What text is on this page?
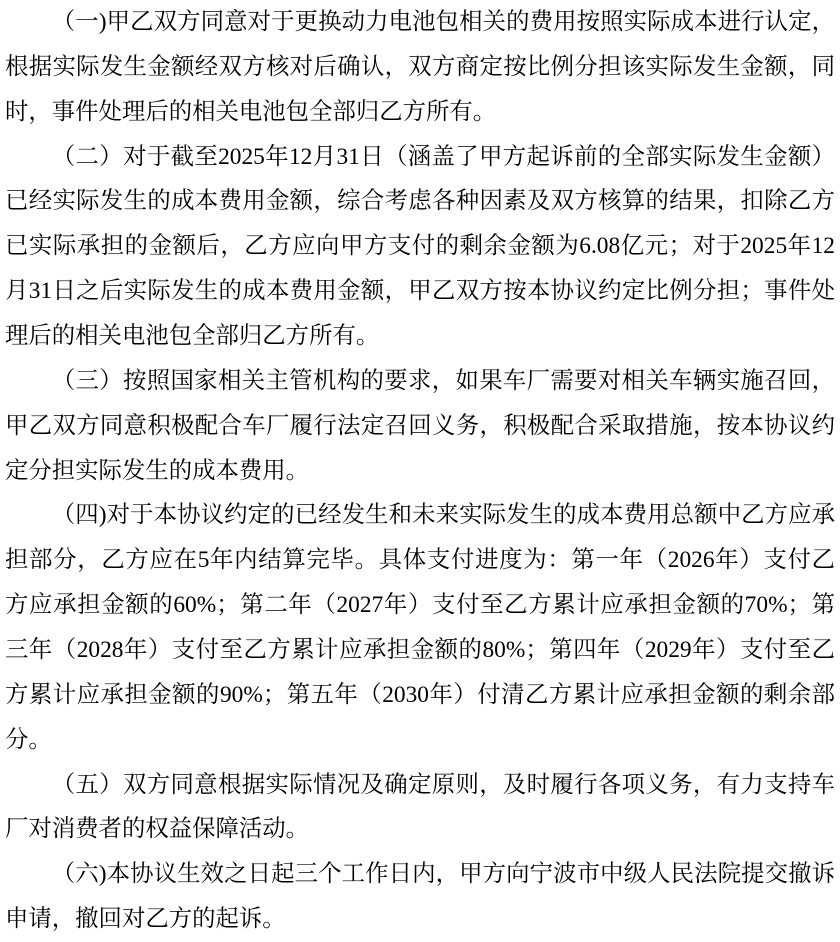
（一)甲乙双方同意对于更换动力电池包相关的费用按照实际成本进行认定，根据实际发生金额经双方核对后确认，双方商定按比例分担该实际发生金额，同时，事件处理后的相关电池包全部归乙方所有。

（二）对于截至2025年12月31日（涵盖了甲方起诉前的全部实际发生金额）已经实际发生的成本费用金额，综合考虑各种因素及双方核算的结果，扣除乙方已实际承担的金额后，乙方应向甲方支付的剩余金额为6.08亿元；对于2025年12月31日之后实际发生的成本费用金额，甲乙双方按本协议约定比例分担；事件处理后的相关电池包全部归乙方所有。

（三）按照国家相关主管机构的要求，如果车厂需要对相关车辆实施召回，甲乙双方同意积极配合车厂履行法定召回义务，积极配合采取措施，按本协议约定分担实际发生的成本费用。

（四)对于本协议约定的已经发生和未来实际发生的成本费用总额中乙方应承担部分，乙方应在5年内结算完毕。具体支付进度为：第一年（2026年）支付乙方应承担金额的60%；第二年（2027年）支付至乙方累计应承担金额的70%；第三年（2028年）支付至乙方累计应承担金额的80%；第四年（2029年）支付至乙方累计应承担金额的90%；第五年（2030年）付清乙方累计应承担金额的剩余部分。

（五）双方同意根据实际情况及确定原则，及时履行各项义务，有力支持车厂对消费者的权益保障活动。

（六)本协议生效之日起三个工作日内，甲方向宁波市中级人民法院提交撤诉申请，撤回对乙方的起诉。
